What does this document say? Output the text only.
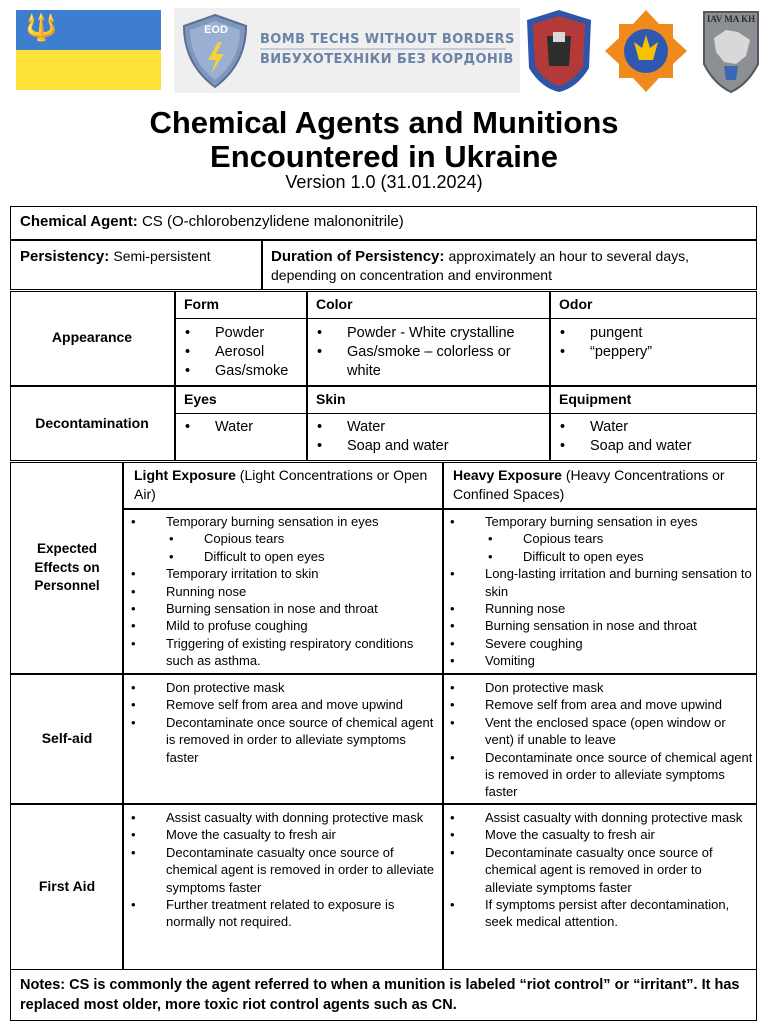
🔱	EOD
BOMB TECHS WITHOUT BORDERS
ВИБУХОТЕХНІКИ БЕЗ КОРДОНІВ
IAV MA KH
Chemical Agents and Munitions
Encountered in Ukraine
Version 1.0 (31.01.2024)
Chemical Agent: CS (O-chlorobenzylidene malononitrile)
Persistency: Semi-persistent	Duration of Persistency: approximately an hour to several days, depending on concentration and environment
Appearance
Form	Color	Odor
• Powder
• Aerosol
• Gas/smoke
• Powder - White crystalline
• Gas/smoke – colorless or white
• pungent
• “peppery”
Decontamination
Eyes	Skin	Equipment
• Water
•	Water
• Soap and water
• Water
• Soap and water
Light Exposure (Light Concentrations or Open Air)
Heavy Exposure (Heavy Concentrations or Confined Spaces)
Expected Effects on Personnel
• Temporary burning sensation in eyes
• Copious tears
• Difficult to open eyes
• Temporary irritation to skin
• Running nose
• Burning sensation in nose and throat
• Mild to profuse coughing
• Triggering of existing respiratory conditions such as asthma.
• Temporary burning sensation in eyes
• Copious tears
• Difficult to open eyes
• Long-lasting irritation and burning sensation to skin
• Running nose
• Burning sensation in nose and throat
• Severe coughing
• Vomiting
Self-aid
• Don protective mask
• Remove self from area and move upwind
• Decontaminate once source of chemical agent is removed in order to alleviate symptoms faster
• Don protective mask
• Remove self from area and move upwind
• Vent the enclosed space (open window or vent) if unable to leave
• Decontaminate once source of chemical agent is removed in order to alleviate symptoms faster
First Aid
• Assist casualty with donning protective mask
• Move the casualty to fresh air
• Decontaminate casualty once source of chemical agent is removed in order to alleviate symptoms faster
• Further treatment related to exposure is normally not required.
• Assist casualty with donning protective mask
• Move the casualty to fresh air
• Decontaminate casualty once source of chemical agent is removed in order to alleviate symptoms faster
• If symptoms persist after decontamination, seek medical attention.
Notes: CS is commonly the agent referred to when a munition is labeled “riot control” or “irritant”. It has replaced most older, more toxic riot control agents such as CN.
